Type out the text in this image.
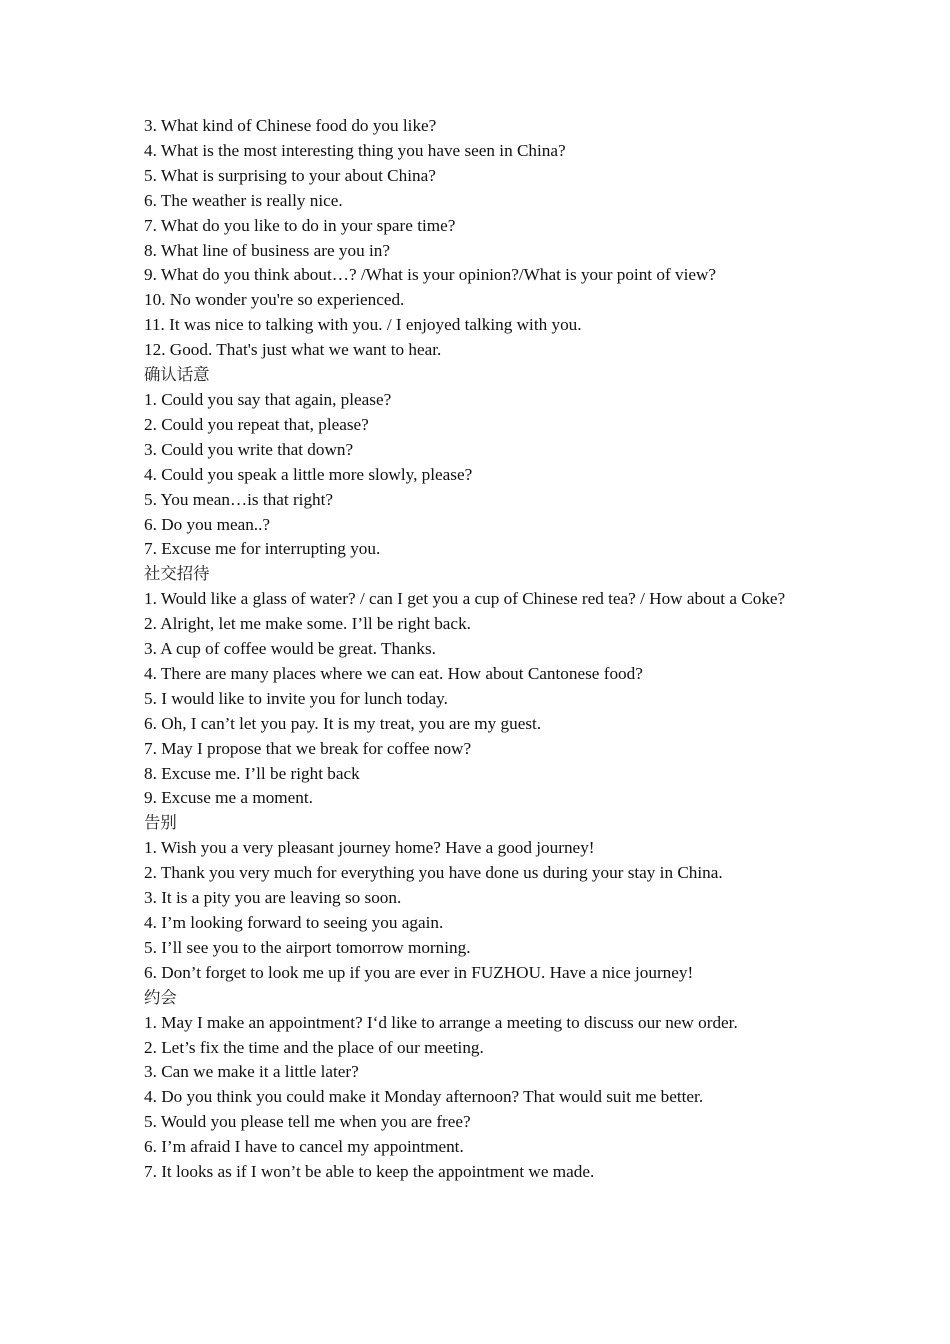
3. What kind of Chinese food do you like?
4. What is the most interesting thing you have seen in China?
5. What is surprising to your about China?
6. The weather is really nice.
7. What do you like to do in your spare time?
8. What line of business are you in?
9. What do you think about…? /What is your opinion?/What is your point of view?
10. No wonder you're so experienced.
11. It was nice to talking with you. / I enjoyed talking with you.
12. Good. That's just what we want to hear.
确认话意
1. Could you say that again, please?
2. Could you repeat that, please?
3. Could you write that down?
4. Could you speak a little more slowly, please?
5. You mean…is that right?
6. Do you mean..?
7. Excuse me for interrupting you.
社交招待
1. Would like a glass of water? / can I get you a cup of Chinese red tea? / How about a Coke?
2. Alright, let me make some. I’ll be right back.
3. A cup of coffee would be great. Thanks.
4. There are many places where we can eat. How about Cantonese food?
5. I would like to invite you for lunch today.
6. Oh, I can’t let you pay. It is my treat, you are my guest.
7. May I propose that we break for coffee now?
8. Excuse me. I’ll be right back
9. Excuse me a moment.
告别
1. Wish you a very pleasant journey home? Have a good journey!
2. Thank you very much for everything you have done us during your stay in China.
3. It is a pity you are leaving so soon.
4. I’m looking forward to seeing you again.
5. I’ll see you to the airport tomorrow morning.
6. Don’t forget to look me up if you are ever in FUZHOU. Have a nice journey!
约会
1. May I make an appointment? I‘d like to arrange a meeting to discuss our new order.
2. Let’s fix the time and the place of our meeting.
3. Can we make it a little later?
4. Do you think you could make it Monday afternoon? That would suit me better.
5. Would you please tell me when you are free?
6. I’m afraid I have to cancel my appointment.
7. It looks as if I won’t be able to keep the appointment we made.
